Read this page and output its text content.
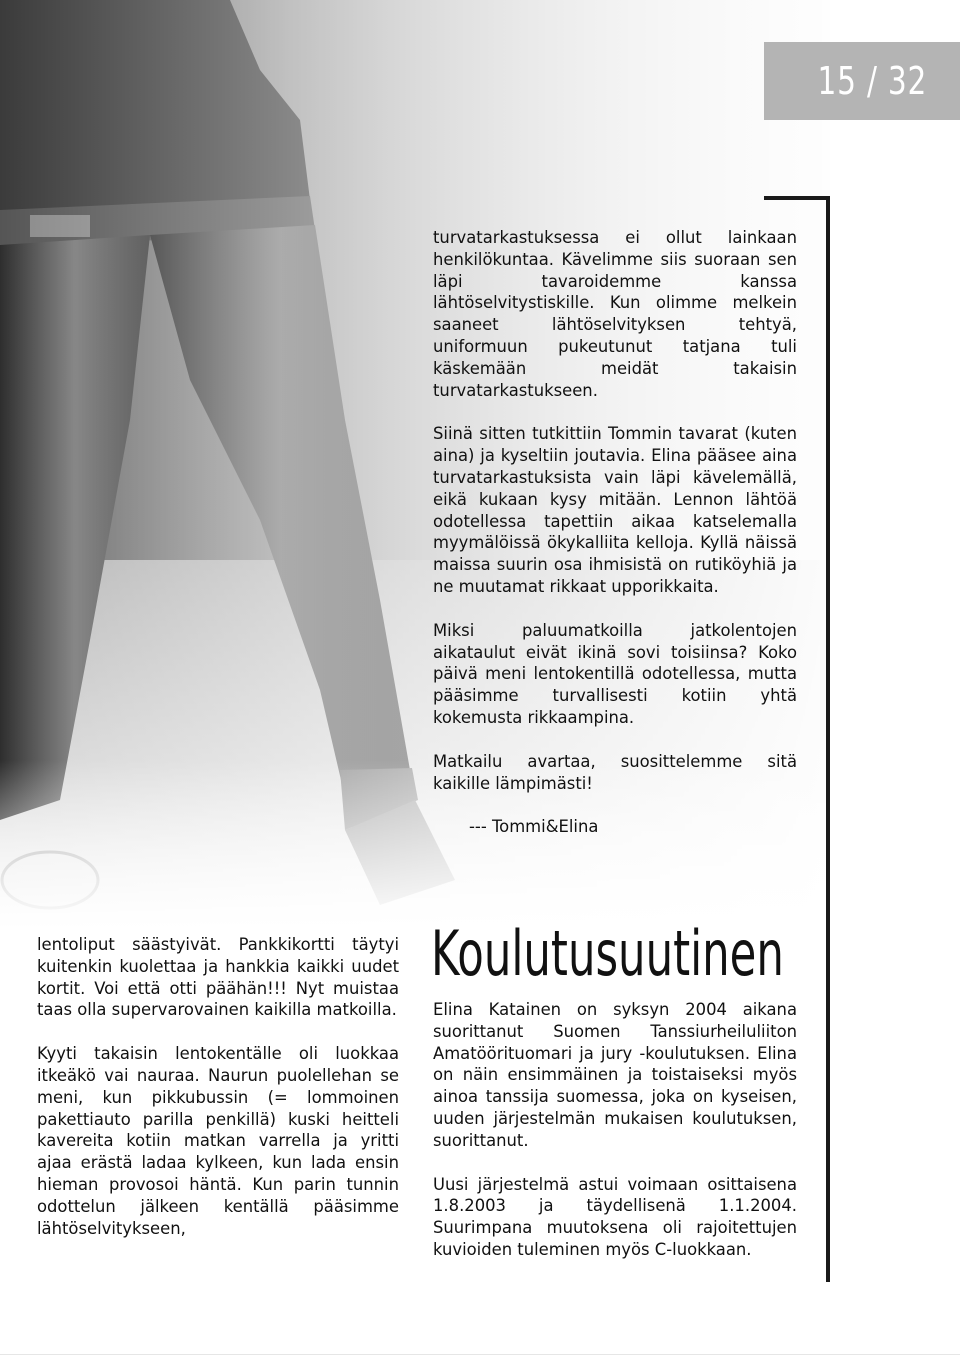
15 / 32

turvatarkastuksessa ei ollut lainkaan henkilökuntaa. Kävelimme siis suoraan sen läpi tavaroidemme kanssa lähtöselvitystiskille. Kun olimme melkein saaneet lähtöselvityksen tehtyä, uniformuun pukeutunut tatjana tuli käskemään meidät takaisin turvatarkastukseen.

Siinä sitten tutkittiin Tommin tavarat (kuten aina) ja kyseltiin joutavia. Elina pääsee aina turvatarkastuksista vain läpi kävelemällä, eikä kukaan kysy mitään. Lennon lähtöä odotellessa tapettiin aikaa katselemalla myymälöissä ökykalliita kelloja. Kyllä näissä maissa suurin osa ihmisistä on rutiköyhiä ja ne muutamat rikkaat upporikkaita.

Miksi paluumatkoilla jatkolentojen aikataulut eivät ikinä sovi toisiinsa? Koko päivä meni lentokentillä odotellessa, mutta pääsimme turvallisesti kotiin yhtä kokemusta rikkaampina.

Matkailu avartaa, suosittelemme sitä kaikille lämpimästi!

--- Tommi&Elina

lentoliput säästyivät. Pankkikortti täytyi kuitenkin kuolettaa ja hankkia kaikki uudet kortit. Voi että otti päähän!!! Nyt muistaa taas olla supervarovainen kaikilla matkoilla.

Kyyti takaisin lentokentälle oli luokkaa itkeäkö vai nauraa. Naurun puolellehan se meni, kun pikkubussin (= lommoinen pakettiauto parilla penkillä) kuski heitteli kavereita kotiin matkan varrella ja yritti ajaa erästä ladaa kylkeen, kun lada ensin hieman provosoi häntä. Kun parin tunnin odottelun jälkeen kentällä pääsimme lähtöselvitykseen,

Koulutusuutinen

Elina Katainen on syksyn 2004 aikana suorittanut Suomen Tanssiurheiluliiton Amatöörituomari ja jury -koulutuksen. Elina on näin ensimmäinen ja toistaiseksi myös ainoa tanssija suomessa, joka on kyseisen, uuden järjestelmän mukaisen koulutuksen, suorittanut.

Uusi järjestelmä astui voimaan osittaisena 1.8.2003 ja täydellisenä 1.1.2004. Suurimpana muutoksena oli rajoitettujen kuvioiden tuleminen myös C-luokkaan.
